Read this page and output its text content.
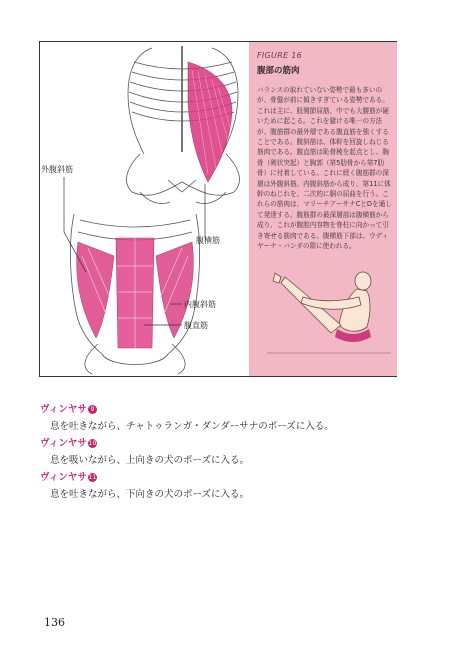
外腹斜筋
腹横筋
内腹斜筋
腹直筋
FIGURE 16
腹部の筋肉

バランスの取れていない姿勢で最も多いのが、骨盤が前に傾きすぎている姿勢である。これは主に、股関節屈筋、中でも大腰筋が硬いために起こる。これを避ける唯一の方法が、腹筋群の最外層である腹直筋を強くすることである。腹斜筋は、体幹を回旋しねじる筋肉である。腹直筋は恥骨稜を起点とし、胸骨（剣状突起）と胸郭（第5肋骨から第7肋骨）に付着している。これに続く腹筋群の深層は外腹斜筋。内腹斜筋から成り、第11に体幹のねじれを、二次的に胴の屈曲を行う。これらの筋肉は、マリーチアーサナCとDを通して発達する。腹筋群の最深層部は腹横筋から成り、これが腹腔内容物を脊柱に向かって引き寄せる筋肉である。腹横筋下部は、ウディヤーナ・バンダの際に使われる。

ヴィンヤサ 9
息を吐きながら、チャトゥランガ・ダンダーサナのポーズに入る。
ヴィンヤサ10
息を吸いながら、上向きの犬のポーズに入る。
ヴィンヤサ11
息を吐きながら、下向きの犬のポーズに入る。
136
